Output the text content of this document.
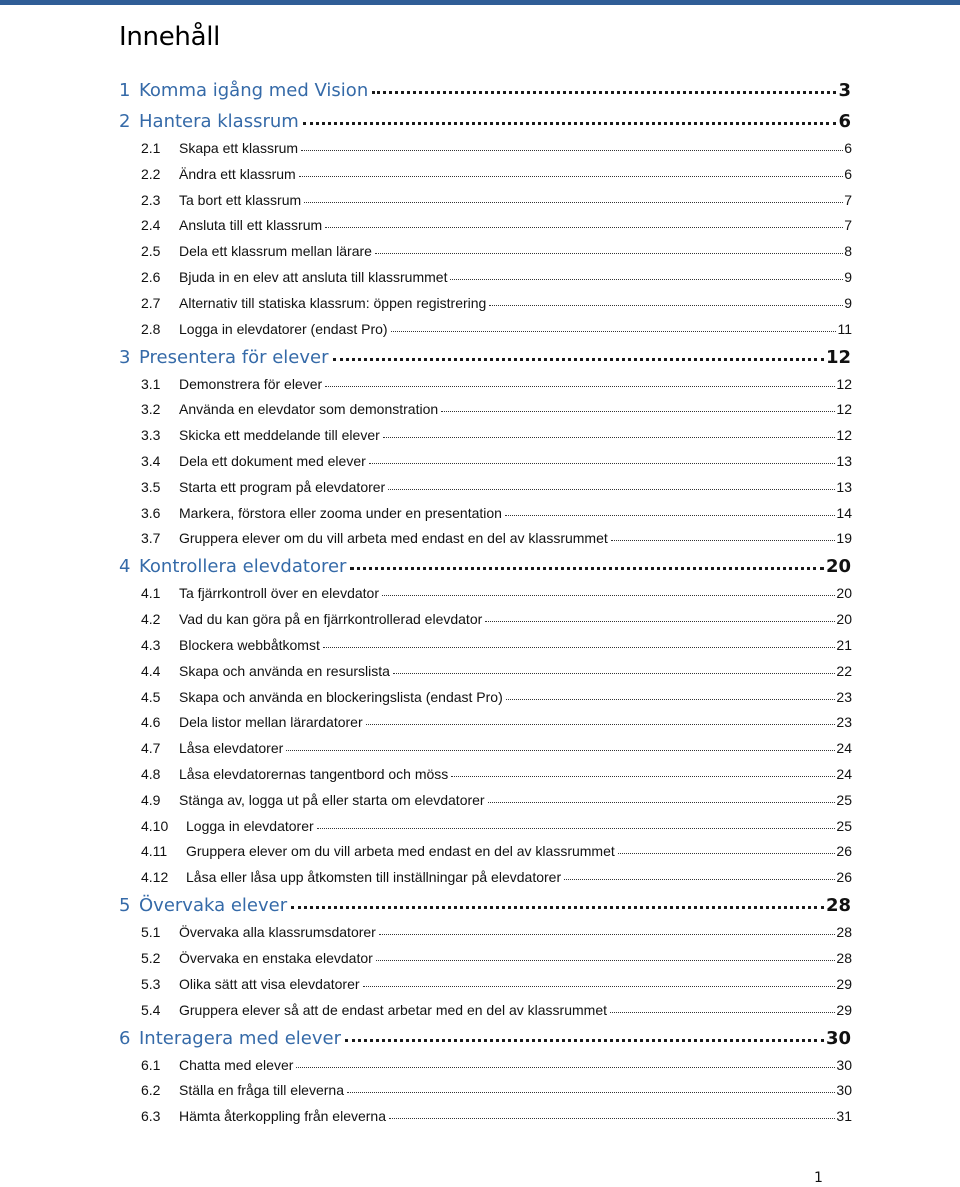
Innehåll
1 Komma igång med Vision	3
2 Hantera klassrum	6
2.1	Skapa ett klassrum	6
2.2	Ändra ett klassrum	6
2.3	Ta bort ett klassrum	7
2.4	Ansluta till ett klassrum	7
2.5	Dela ett klassrum mellan lärare	8
2.6	Bjuda in en elev att ansluta till klassrummet	9
2.7	Alternativ till statiska klassrum: öppen registrering	9
2.8	Logga in elevdatorer (endast Pro)	11
3 Presentera för elever	12
3.1	Demonstrera för elever	12
3.2	Använda en elevdator som demonstration	12
3.3	Skicka ett meddelande till elever	12
3.4	Dela ett dokument med elever	13
3.5	Starta ett program på elevdatorer	13
3.6	Markera, förstora eller zooma under en presentation	14
3.7	Gruppera elever om du vill arbeta med endast en del av klassrummet	19
4 Kontrollera elevdatorer	20
4.1	Ta fjärrkontroll över en elevdator	20
4.2	Vad du kan göra på en fjärrkontrollerad elevdator	20
4.3	Blockera webbåtkomst	21
4.4	Skapa och använda en resurslista	22
4.5	Skapa och använda en blockeringslista (endast Pro)	23
4.6	Dela listor mellan lärardatorer	23
4.7	Låsa elevdatorer	24
4.8	Låsa elevdatorernas tangentbord och möss	24
4.9	Stänga av, logga ut på eller starta om elevdatorer	25
4.10	Logga in elevdatorer	25
4.11	Gruppera elever om du vill arbeta med endast en del av klassrummet	26
4.12	Låsa eller låsa upp åtkomsten till inställningar på elevdatorer	26
5 Övervaka elever	28
5.1	Övervaka alla klassrumsdatorer	28
5.2	Övervaka en enstaka elevdator	28
5.3	Olika sätt att visa elevdatorer	29
5.4	Gruppera elever så att de endast arbetar med en del av klassrummet	29
6 Interagera med elever	30
6.1	Chatta med elever	30
6.2	Ställa en fråga till eleverna	30
6.3	Hämta återkoppling från eleverna	31
1
